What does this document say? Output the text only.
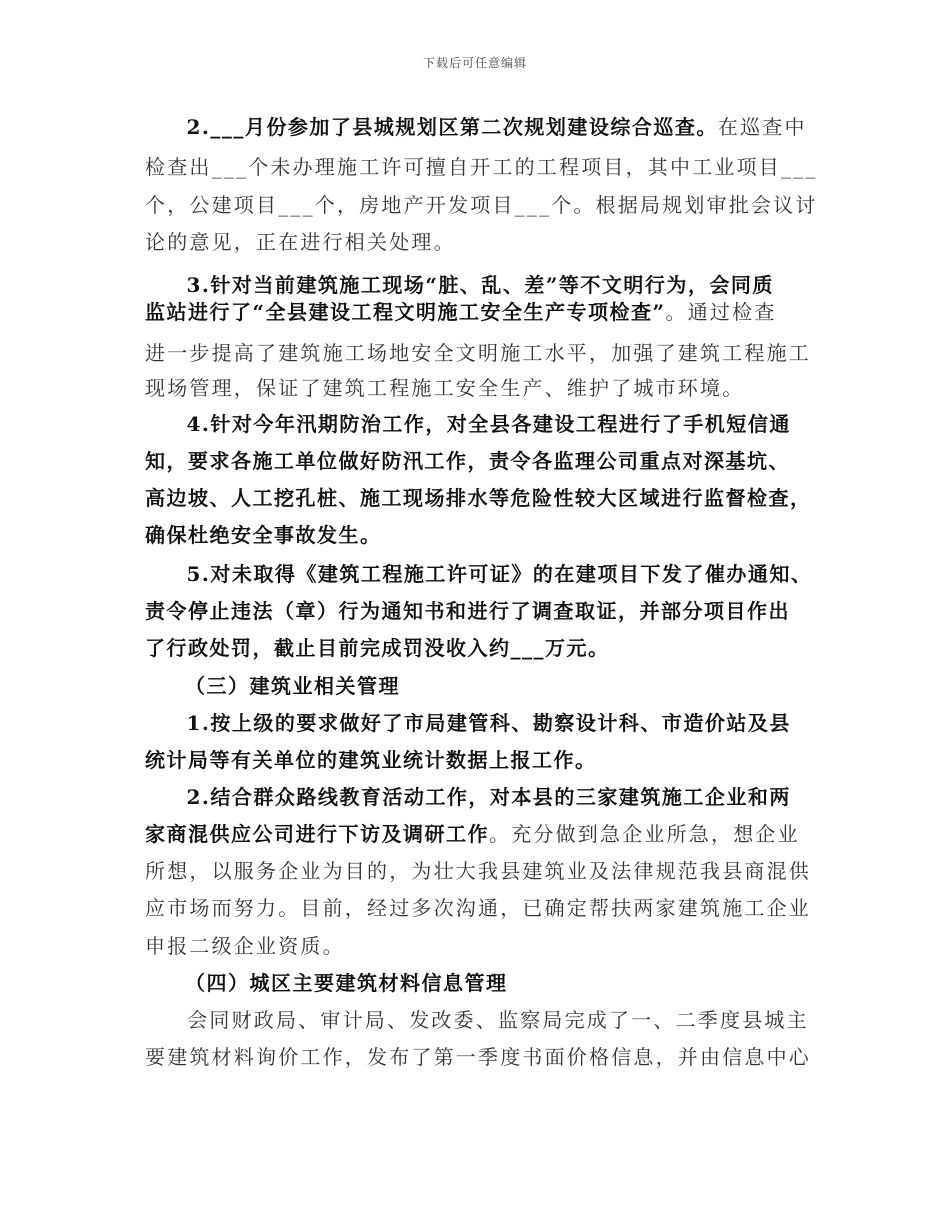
下载后可任意编辑
　2.___月份参加了县城规划区第二次规划建设综合巡查。在巡查中
检查出___个未办理施工许可擅自开工的工程项目，其中工业项目___
个，公建项目___个，房地产开发项目___个。根据局规划审批会议讨
论的意见，正在进行相关处理。
　3.针对当前建筑施工现场“脏、乱、差”等不文明行为，会同质
监站进行了“全县建设工程文明施工安全生产专项检查”。通过检查
进一步提高了建筑施工场地安全文明施工水平，加强了建筑工程施工
现场管理，保证了建筑工程施工安全生产、维护了城市环境。
　4.针对今年汛期防治工作，对全县各建设工程进行了手机短信通
知，要求各施工单位做好防汛工作，责令各监理公司重点对深基坑、
高边坡、人工挖孔桩、施工现场排水等危险性较大区域进行监督检查，
确保杜绝安全事故发生。
　5.对未取得《建筑工程施工许可证》的在建项目下发了催办通知、
责令停止违法（章）行为通知书和进行了调查取证，并部分项目作出
了行政处罚，截止目前完成罚没收入约___万元。
（三）建筑业相关管理
　1.按上级的要求做好了市局建管科、勘察设计科、市造价站及县
统计局等有关单位的建筑业统计数据上报工作。
　2.结合群众路线教育活动工作，对本县的三家建筑施工企业和两
家商混供应公司进行下访及调研工作。充分做到急企业所急，想企业
所想，以服务企业为目的，为壮大我县建筑业及法律规范我县商混供
应市场而努力。目前，经过多次沟通，已确定帮扶两家建筑施工企业
申报二级企业资质。
（四）城区主要建筑材料信息管理
　会同财政局、审计局、发改委、监察局完成了一、二季度县城主
要建筑材料询价工作，发布了第一季度书面价格信息，并由信息中心
